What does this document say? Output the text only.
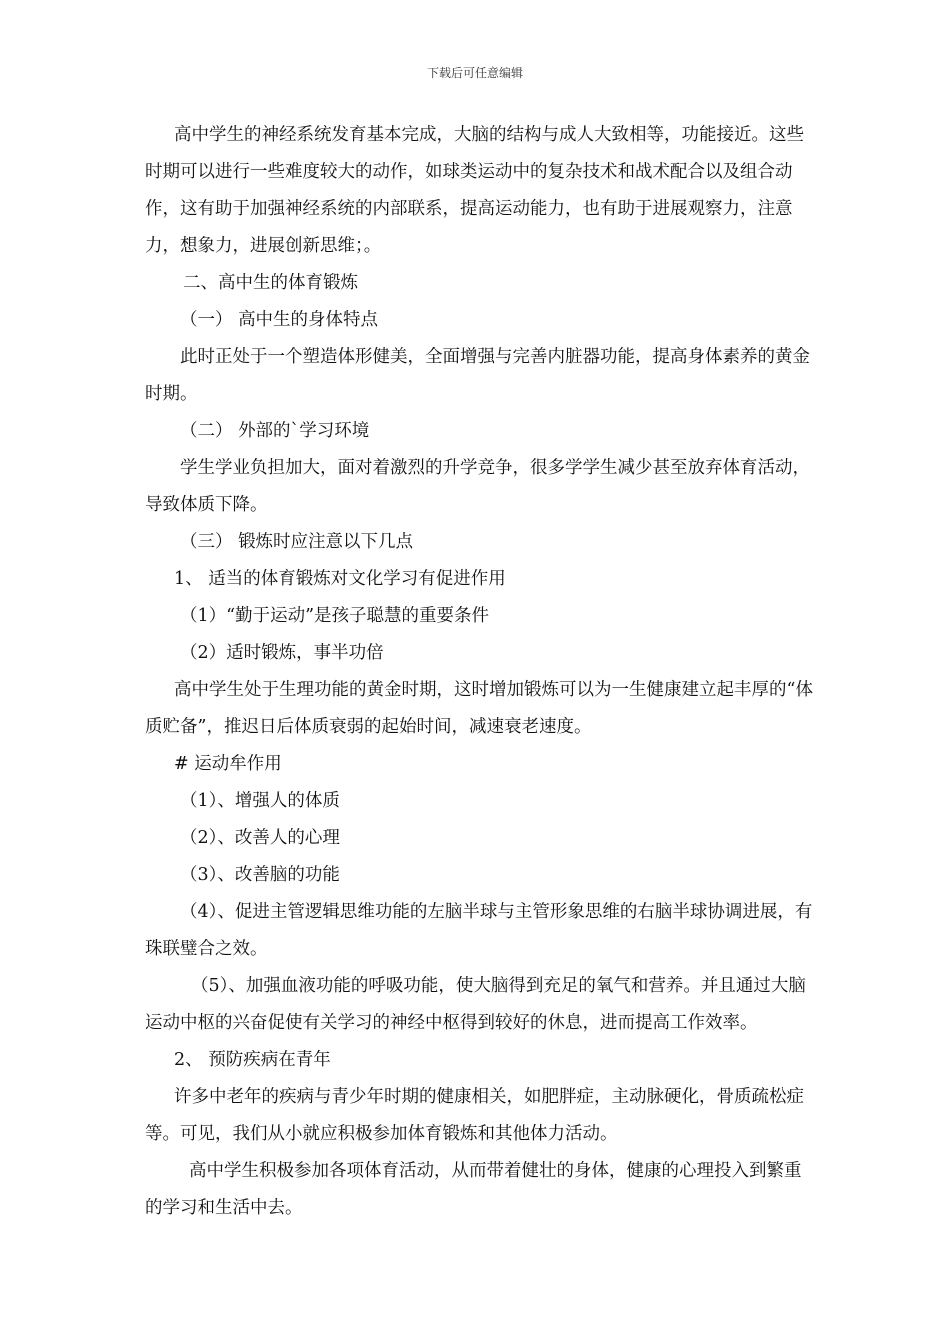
下载后可任意编辑

高中学生的神经系统发育基本完成，大脑的结构与成人大致相等，功能接近。这些时期可以进行一些难度较大的动作，如球类运动中的复杂技术和战术配合以及组合动作，这有助于加强神经系统的内部联系，提高运动能力，也有助于进展观察力，注意力，想象力，进展创新思维；。

二、高中生的体育锻炼

（一） 高中生的身体特点

此时正处于一个塑造体形健美，全面增强与完善内脏器功能，提高身体素养的黄金时期。

（二） 外部的`学习环境

学生学业负担加大，面对着激烈的升学竞争，很多学学生减少甚至放弃体育活动，导致体质下降。

（三） 锻炼时应注意以下几点

1、 适当的体育锻炼对文化学习有促进作用

（1）“勤于运动”是孩子聪慧的重要条件

（2）适时锻炼，事半功倍

高中学生处于生理功能的黄金时期，这时增加锻炼可以为一生健康建立起丰厚的“体质贮备”，推迟日后体质衰弱的起始时间，减速衰老速度。

# 运动牟作用

（1）、增强人的体质

（2）、改善人的心理

（3）、改善脑的功能

（4）、促进主管逻辑思维功能的左脑半球与主管形象思维的右脑半球协调进展，有珠联璧合之效。

（5）、加强血液功能的呼吸功能，使大脑得到充足的氧气和营养。并且通过大脑运动中枢的兴奋促使有关学习的神经中枢得到较好的休息，进而提高工作效率。

2、 预防疾病在青年

许多中老年的疾病与青少年时期的健康相关，如肥胖症，主动脉硬化，骨质疏松症等。可见，我们从小就应积极参加体育锻炼和其他体力活动。

高中学生积极参加各项体育活动，从而带着健壮的身体，健康的心理投入到繁重的学习和生活中去。
